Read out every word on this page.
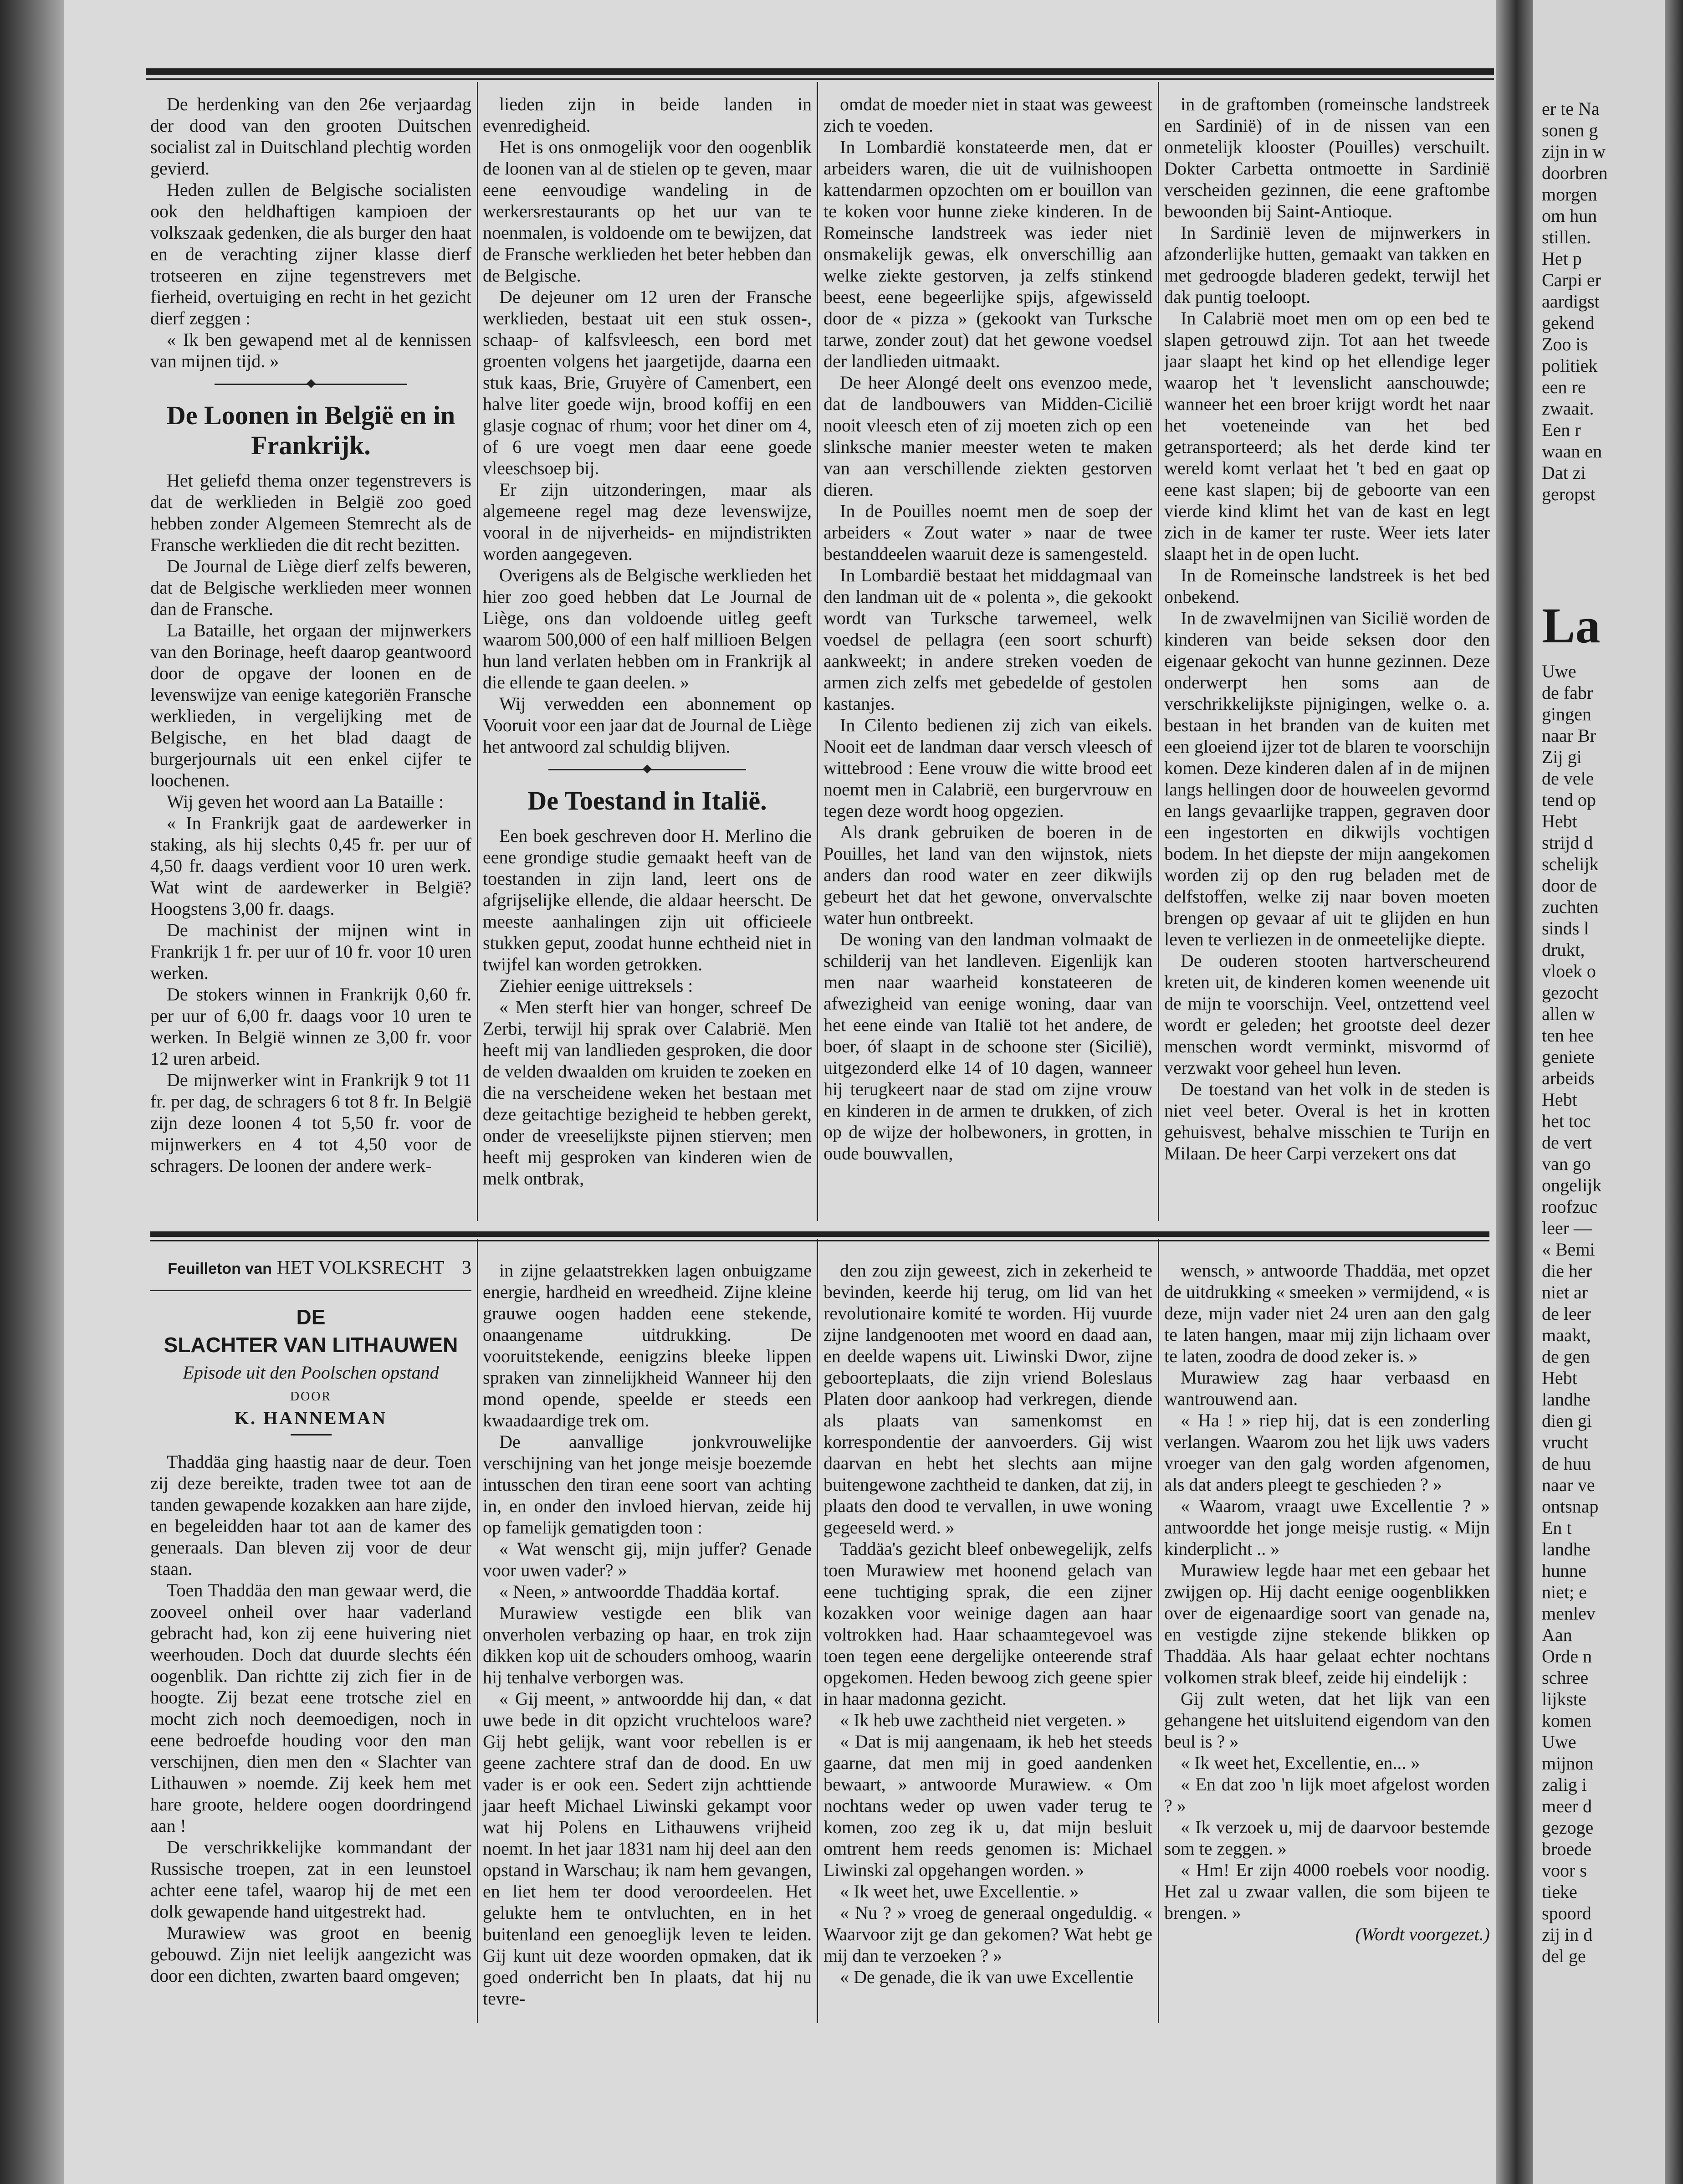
De herdenking van den 26e verjaardag der dood van den grooten Duitschen socialist zal in Duitschland plechtig worden gevierd.

Heden zullen de Belgische socialisten ook den heldhaftigen kampioen der volkszaak gedenken, die als burger den haat en de verachting zijner klasse dierf trotseeren en zijne tegenstrevers met fierheid, overtuiging en recht in het gezicht dierf zeggen :

« Ik ben gewapend met al de kennissen van mijnen tijd. »

De Loonen in België en in Frankrijk.

Het geliefd thema onzer tegenstrevers is dat de werklieden in België zoo goed hebben zonder Algemeen Stemrecht als de Fransche werklieden die dit recht bezitten.

De Journal de Liège dierf zelfs beweren, dat de Belgische werklieden meer wonnen dan de Fransche.

La Bataille, het orgaan der mijnwerkers van den Borinage, heeft daarop geantwoord door de opgave der loonen en de levenswijze van eenige kategoriën Fransche werklieden, in vergelijking met de Belgische, en het blad daagt de burgerjournals uit een enkel cijfer te loochenen.

Wij geven het woord aan La Bataille :

« In Frankrijk gaat de aardewerker in staking, als hij slechts 0,45 fr. per uur of 4,50 fr. daags verdient voor 10 uren werk. Wat wint de aardewerker in België? Hoogstens 3,00 fr. daags.

De machinist der mijnen wint in Frankrijk 1 fr. per uur of 10 fr. voor 10 uren werken.

De stokers winnen in Frankrijk 0,60 fr. per uur of 6,00 fr. daags voor 10 uren te werken. In België winnen ze 3,00 fr. voor 12 uren arbeid.

De mijnwerker wint in Frankrijk 9 tot 11 fr. per dag, de schragers 6 tot 8 fr. In België zijn deze loonen 4 tot 5,50 fr. voor de mijnwerkers en 4 tot 4,50 voor de schragers. De loonen der andere werk-

lieden zijn in beide landen in evenredigheid.

Het is ons onmogelijk voor den oogenblik de loonen van al de stielen op te geven, maar eene eenvoudige wandeling in de werkersrestaurants op het uur van te noenmalen, is voldoende om te bewijzen, dat de Fransche werklieden het beter hebben dan de Belgische.

De dejeuner om 12 uren der Fransche werklieden, bestaat uit een stuk ossen-, schaap- of kalfsvleesch, een bord met groenten volgens het jaargetijde, daarna een stuk kaas, Brie, Gruyère of Camenbert, een halve liter goede wijn, brood koffij en een glasje cognac of rhum; voor het diner om 4, of 6 ure voegt men daar eene goede vleeschsoep bij.

Er zijn uitzonderingen, maar als algemeene regel mag deze levenswijze, vooral in de nijverheids- en mijndistrikten worden aangegeven.

Overigens als de Belgische werklieden het hier zoo goed hebben dat Le Journal de Liège, ons dan voldoende uitleg geeft waarom 500,000 of een half millioen Belgen hun land verlaten hebben om in Frankrijk al die ellende te gaan deelen. »

Wij verwedden een abonnement op Vooruit voor een jaar dat de Journal de Liège het antwoord zal schuldig blijven.

De Toestand in Italië.

Een boek geschreven door H. Merlino die eene grondige studie gemaakt heeft van de toestanden in zijn land, leert ons de afgrijselijke ellende, die aldaar heerscht. De meeste aanhalingen zijn uit officieele stukken geput, zoodat hunne echtheid niet in twijfel kan worden getrokken.

Ziehier eenige uittreksels :

« Men sterft hier van honger, schreef De Zerbi, terwijl hij sprak over Calabrië. Men heeft mij van landlieden gesproken, die door de velden dwaalden om kruiden te zoeken en die na verscheidene weken het bestaan met deze geitachtige bezigheid te hebben gerekt, onder de vreeselijkste pijnen stierven; men heeft mij gesproken van kinderen wien de melk ontbrak,

omdat de moeder niet in staat was geweest zich te voeden.

In Lombardië konstateerde men, dat er arbeiders waren, die uit de vuilnishoopen kattendarmen opzochten om er bouillon van te koken voor hunne zieke kinderen. In de Romeinsche landstreek was ieder niet onsmakelijk gewas, elk onverschillig aan welke ziekte gestorven, ja zelfs stinkend beest, eene begeerlijke spijs, afgewisseld door de « pizza » (gekookt van Turksche tarwe, zonder zout) dat het gewone voedsel der landlieden uitmaakt.

De heer Alongé deelt ons evenzoo mede, dat de landbouwers van Midden-Cicilië nooit vleesch eten of zij moeten zich op een slinksche manier meester weten te maken van aan verschillende ziekten gestorven dieren.

In de Pouilles noemt men de soep der arbeiders « Zout water » naar de twee bestanddeelen waaruit deze is samengesteld.

In Lombardië bestaat het middagmaal van den landman uit de « polenta », die gekookt wordt van Turksche tarwemeel, welk voedsel de pellagra (een soort schurft) aankweekt; in andere streken voeden de armen zich zelfs met gebedelde of gestolen kastanjes.

In Cilento bedienen zij zich van eikels. Nooit eet de landman daar versch vleesch of wittebrood : Eene vrouw die witte brood eet noemt men in Calabrië, een burgervrouw en tegen deze wordt hoog opgezien.

Als drank gebruiken de boeren in de Pouilles, het land van den wijnstok, niets anders dan rood water en zeer dikwijls gebeurt het dat het gewone, onvervalschte water hun ontbreekt.

De woning van den landman volmaakt de schilderij van het landleven. Eigenlijk kan men naar waarheid konstateeren de afwezigheid van eenige woning, daar van het eene einde van Italië tot het andere, de boer, óf slaapt in de schoone ster (Sicilië), uitgezonderd elke 14 of 10 dagen, wanneer hij terugkeert naar de stad om zijne vrouw en kinderen in de armen te drukken, of zich op de wijze der holbewoners, in grotten, in oude bouwvallen,

in de graftomben (romeinsche landstreek en Sardinië) of in de nissen van een onmetelijk klooster (Pouilles) verschuilt. Dokter Carbetta ontmoette in Sardinië verscheiden gezinnen, die eene graftombe bewoonden bij Saint-Antioque.

In Sardinië leven de mijnwerkers in afzonderlijke hutten, gemaakt van takken en met gedroogde bladeren gedekt, terwijl het dak puntig toeloopt.

In Calabrië moet men om op een bed te slapen getrouwd zijn. Tot aan het tweede jaar slaapt het kind op het ellendige leger waarop het 't levenslicht aanschouwde; wanneer het een broer krijgt wordt het naar het voeteneinde van het bed getransporteerd; als het derde kind ter wereld komt verlaat het 't bed en gaat op eene kast slapen; bij de geboorte van een vierde kind klimt het van de kast en legt zich in de kamer ter ruste. Weer iets later slaapt het in de open lucht.

In de Romeinsche landstreek is het bed onbekend.

In de zwavelmijnen van Sicilië worden de kinderen van beide seksen door den eigenaar gekocht van hunne gezinnen. Deze onderwerpt hen soms aan de verschrikkelijkste pijnigingen, welke o. a. bestaan in het branden van de kuiten met een gloeiend ijzer tot de blaren te voorschijn komen. Deze kinderen dalen af in de mijnen langs hellingen door de houweelen gevormd en langs gevaarlijke trappen, gegraven door een ingestorten en dikwijls vochtigen bodem. In het diepste der mijn aangekomen worden zij op den rug beladen met de delfstoffen, welke zij naar boven moeten brengen op gevaar af uit te glijden en hun leven te verliezen in de onmeetelijke diepte.

De ouderen stooten hartverscheurend kreten uit, de kinderen komen weenende uit de mijn te voorschijn. Veel, ontzettend veel wordt er geleden; het grootste deel dezer menschen wordt verminkt, misvormd of verzwakt voor geheel hun leven.

De toestand van het volk in de steden is niet veel beter. Overal is het in krotten gehuisvest, behalve misschien te Turijn en Milaan. De heer Carpi verzekert ons dat

Feuilleton van HET VOLKSRECHT 3
DE
SLACHTER VAN LITHAUWEN
Episode uit den Poolschen opstand
DOOR
K. HANNEMAN

Thaddäa ging haastig naar de deur. Toen zij deze bereikte, traden twee tot aan de tanden gewapende kozakken aan hare zijde, en begeleidden haar tot aan de kamer des generaals. Dan bleven zij voor de deur staan.

Toen Thaddäa den man gewaar werd, die zooveel onheil over haar vaderland gebracht had, kon zij eene huivering niet weerhouden. Doch dat duurde slechts één oogenblik. Dan richtte zij zich fier in de hoogte. Zij bezat eene trotsche ziel en mocht zich noch deemoedigen, noch in eene bedroefde houding voor den man verschijnen, dien men den « Slachter van Lithauwen » noemde. Zij keek hem met hare groote, heldere oogen doordringend aan !

De verschrikkelijke kommandant der Russische troepen, zat in een leunstoel achter eene tafel, waarop hij de met een dolk gewapende hand uitgestrekt had.

Murawiew was groot en beenig gebouwd. Zijn niet leelijk aangezicht was door een dichten, zwarten baard omgeven;

in zijne gelaatstrekken lagen onbuigzame energie, hardheid en wreedheid. Zijne kleine grauwe oogen hadden eene stekende, onaangename uitdrukking. De vooruitstekende, eenigzins bleeke lippen spraken van zinnelijkheid Wanneer hij den mond opende, speelde er steeds een kwaadaardige trek om.

De aanvallige jonkvrouwelijke verschijning van het jonge meisje boezemde intusschen den tiran eene soort van achting in, en onder den invloed hiervan, zeide hij op famelijk gematigden toon :

« Wat wenscht gij, mijn juffer? Genade voor uwen vader? »

« Neen, » antwoordde Thaddäa kortaf.

Murawiew vestigde een blik van onverholen verbazing op haar, en trok zijn dikken kop uit de schouders omhoog, waarin hij tenhalve verborgen was.

« Gij meent, » antwoordde hij dan, « dat uwe bede in dit opzicht vruchteloos ware? Gij hebt gelijk, want voor rebellen is er geene zachtere straf dan de dood. En uw vader is er ook een. Sedert zijn achttiende jaar heeft Michael Liwinski gekampt voor wat hij Polens en Lithauwens vrijheid noemt. In het jaar 1831 nam hij deel aan den opstand in Warschau; ik nam hem gevangen, en liet hem ter dood veroordeelen. Het gelukte hem te ontvluchten, en in het buitenland een genoeglijk leven te leiden. Gij kunt uit deze woorden opmaken, dat ik goed onderricht ben In plaats, dat hij nu tevre-

den zou zijn geweest, zich in zekerheid te bevinden, keerde hij terug, om lid van het revolutionaire komité te worden. Hij vuurde zijne landgenooten met woord en daad aan, en deelde wapens uit. Liwinski Dwor, zijne geboorteplaats, die zijn vriend Boleslaus Platen door aankoop had verkregen, diende als plaats van samenkomst en korrespondentie der aanvoerders. Gij wist daarvan en hebt het slechts aan mijne buitengewone zachtheid te danken, dat zij, in plaats den dood te vervallen, in uwe woning gegeeseld werd. »

Taddäa's gezicht bleef onbewegelijk, zelfs toen Murawiew met hoonend gelach van eene tuchtiging sprak, die een zijner kozakken voor weinige dagen aan haar voltrokken had. Haar schaamtegevoel was toen tegen eene dergelijke onteerende straf opgekomen. Heden bewoog zich geene spier in haar madonna gezicht.

« Ik heb uwe zachtheid niet vergeten. »

« Dat is mij aangenaam, ik heb het steeds gaarne, dat men mij in goed aandenken bewaart, » antwoorde Murawiew. « Om nochtans weder op uwen vader terug te komen, zoo zeg ik u, dat mijn besluit omtrent hem reeds genomen is: Michael Liwinski zal opgehangen worden. »

« Ik weet het, uwe Excellentie. »

« Nu ? » vroeg de generaal ongeduldig. « Waarvoor zijt ge dan gekomen? Wat hebt ge mij dan te verzoeken ? »

« De genade, die ik van uwe Excellentie

wensch, » antwoorde Thaddäa, met opzet de uitdrukking « smeeken » vermijdend, « is deze, mijn vader niet 24 uren aan den galg te laten hangen, maar mij zijn lichaam over te laten, zoodra de dood zeker is. »

Murawiew zag haar verbaasd en wantrouwend aan.

« Ha ! » riep hij, dat is een zonderling verlangen. Waarom zou het lijk uws vaders vroeger van den galg worden afgenomen, als dat anders pleegt te geschieden ? »

« Waarom, vraagt uwe Excellentie ? » antwoordde het jonge meisje rustig. « Mijn kinderplicht .. »

Murawiew legde haar met een gebaar het zwijgen op. Hij dacht eenige oogenblikken over de eigenaardige soort van genade na, en vestigde zijne stekende blikken op Thaddäa. Als haar gelaat echter nochtans volkomen strak bleef, zeide hij eindelijk :

Gij zult weten, dat het lijk van een gehangene het uitsluitend eigendom van den beul is ? »

« Ik weet het, Excellentie, en... »

« En dat zoo 'n lijk moet afgelost worden ? »

« Ik verzoek u, mij de daarvoor bestemde som te zeggen. »

« Hm! Er zijn 4000 roebels voor noodig. Het zal u zwaar vallen, die som bijeen te brengen. »

(Wordt voorgezet.)

er te Na
sonen g
zijn in w
doorbren
morgen
om hun
stillen.
Het p
Carpi er
aardigst
gekend
Zoo is
politiek
een re
zwaait.
Een r
waan en
Dat zi
geropst
Uwe
de fabr
gingen
naar Br
Zij gi
de vele
tend op
Hebt
strijd d
schelijk
door de
zuchten
sinds l
drukt,
vloek o
gezocht
allen w
ten hee
geniete
arbeids
Hebt
het toc
de vert
van go
ongelijk
roofzuc
leer —
« Bemi
die her
niet ar
de leer
maakt,
de gen
Hebt
landhe
dien gi
vrucht
de huu
naar ve
ontsnap
En t
landhe
hunne
niet; e
menlev
Aan
Orde n
schree
lijkste
komen
Uwe
mijnon
zalig i
meer d
gezoge
broede
voor s
tieke
spoord
zij in d
del ge
La
